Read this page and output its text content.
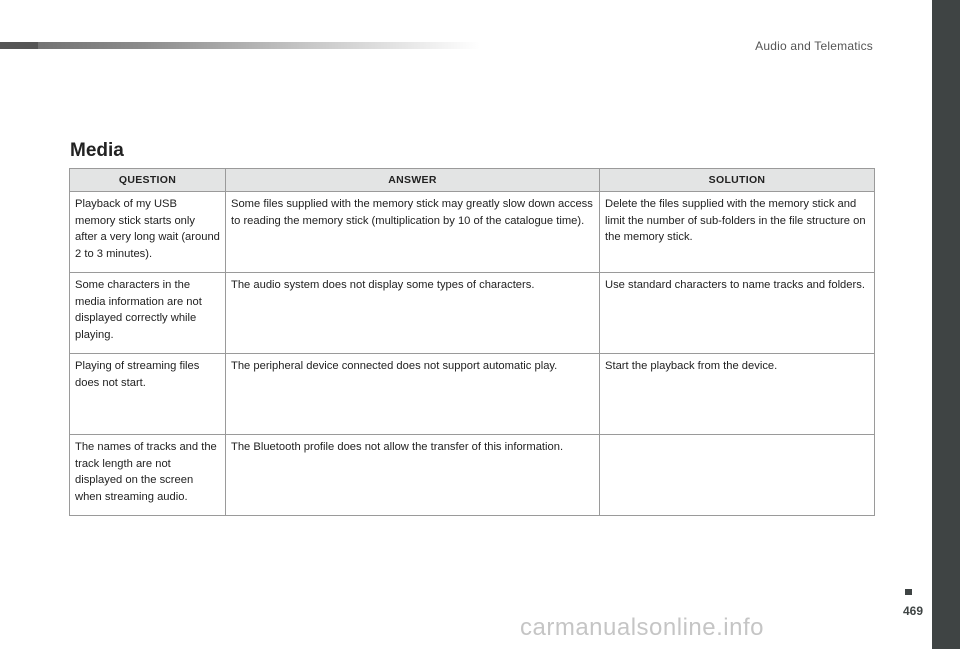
Audio and Telematics
Media
QUESTION	ANSWER	SOLUTION
Playback of my USB memory stick starts only after a very long wait (around 2 to 3 minutes).	Some files supplied with the memory stick may greatly slow down access to reading the memory stick (multiplication by 10 of the catalogue time).	Delete the files supplied with the memory stick and limit the number of sub-folders in the file structure on the memory stick.
Some characters in the media information are not displayed correctly while playing.	The audio system does not display some types of characters.	Use standard characters to name tracks and folders.
Playing of streaming files does not start.	The peripheral device connected does not support automatic play.	Start the playback from the device.
The names of tracks and the track length are not displayed on the screen when streaming audio.	The Bluetooth profile does not allow the transfer of this information.	
469
carmanualsonline.info
